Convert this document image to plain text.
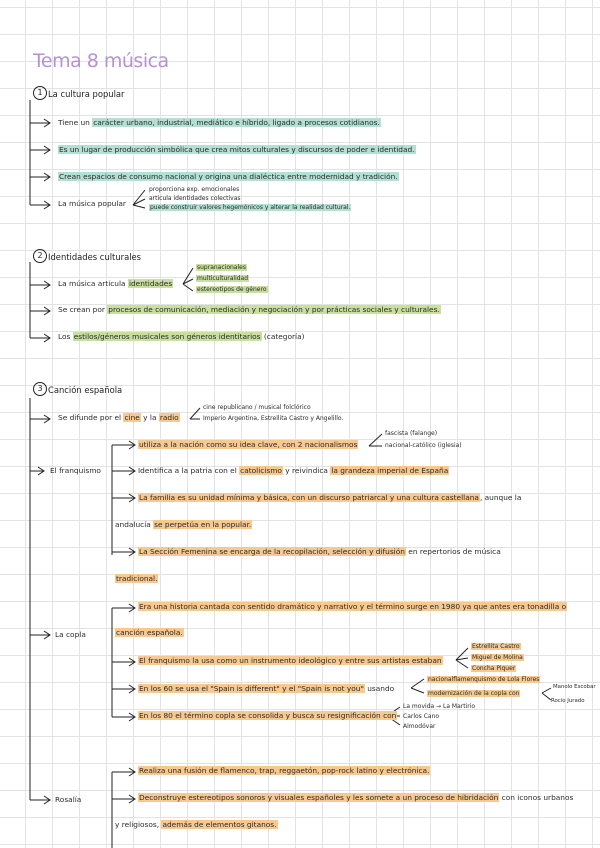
Tema 8 música
1 La cultura popular
Tiene un carácter urbano, industrial, mediático e híbrido, ligado a procesos cotidianos.
Es un lugar de producción simbólica que crea mitos culturales y discursos de poder e identidad.
Crean espacios de consumo nacional y origina una dialéctica entre modernidad y tradición.
La música popular
proporciona exp. emocionales
articula identidades colectivas
puede construir valores hegemónicos y alterar la realidad cultural.
2 Identidades culturales
La música articula identidades
supranacionales
multiculturalidad
estereotipos de género
Se crean por procesos de comunicación, mediación y negociación y por prácticas sociales y culturales.
Los estilos/géneros musicales son géneros identitarios (categoría)
3 Canción española
Se difunde por el cine y la radio
cine republicano / musical folclórico
Imperio Argentina, Estrellita Castro y Angelillo.
El franquismo
utiliza a la nación como su idea clave, con 2 nacionalismos
fascista (falange)
nacional-católico (iglesia)
Identifica a la patria con el catolicismo y reivindica la grandeza imperial de España
La familia es su unidad mínima y básica, con un discurso patriarcal y una cultura castellana, aunque la
andalucía se perpetúa en la popular.
La Sección Femenina se encarga de la recopilación, selección y difusión en repertorios de música
tradicional.
La copla
Era una historia cantada con sentido dramático y narrativo y el término surge en 1980 ya que antes era tonadilla o
canción española.
El franquismo la usa como un instrumento ideológico y entre sus artistas estaban
Estrellita Castro
Miguel de Molina
Concha Piquer
En los 60 se usa el "Spain is different" y el "Spain is not you" usando
nacionalflamenquismo de Lola Flores
modernización de la copla con
Manolo Escobar
Rocío Jurado
En los 80 el término copla se consolida y busca su resignificación con
La movida → La Martirio
Carlos Cano
Almodóvar
Rosalía
Realiza una fusión de flamenco, trap, reggaetón, pop-rock latino y electrónica.
Deconstruye estereotipos sonoros y visuales españoles y les somete a un proceso de hibridación con iconos urbanos
y religiosos, además de elementos gitanos.
